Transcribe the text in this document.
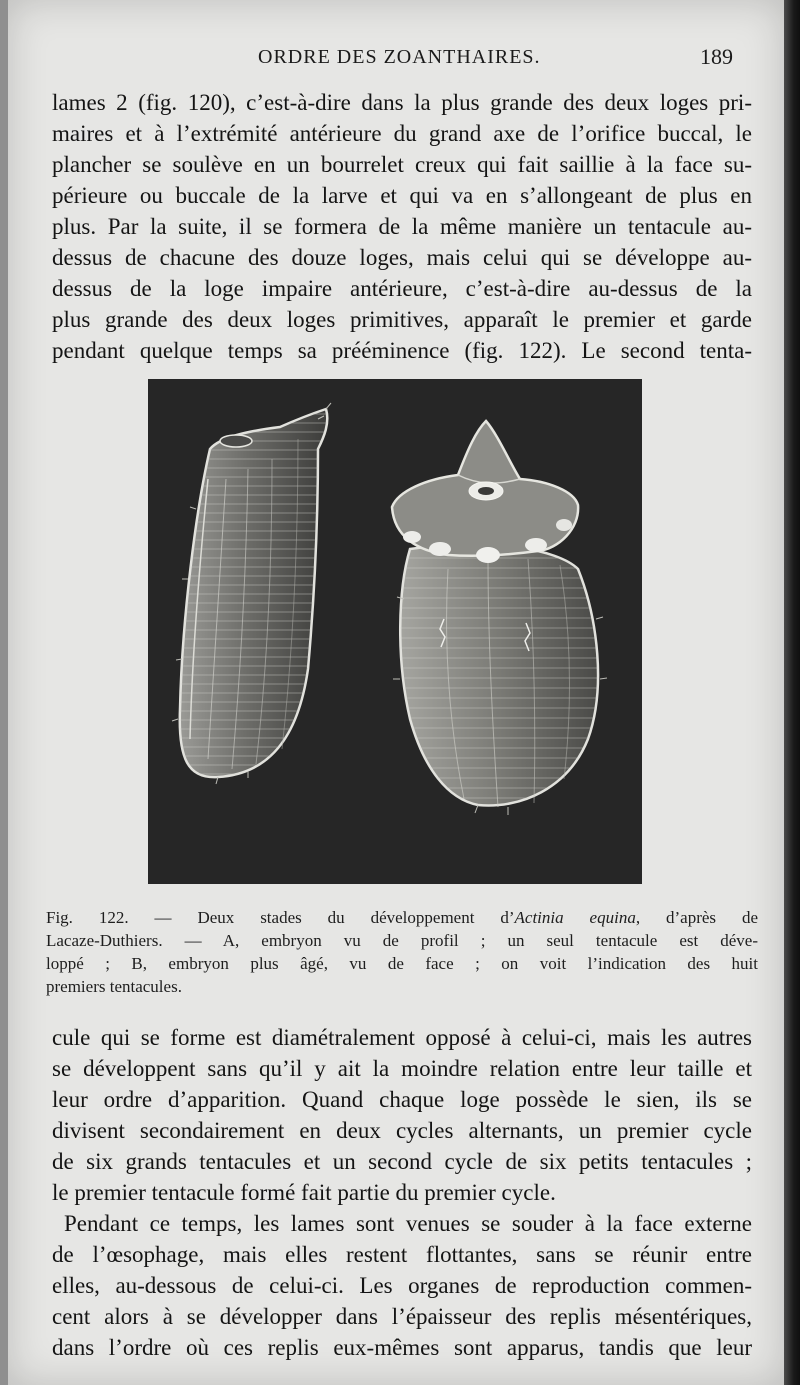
ORDRE DES ZOANTHAIRES.	189

lames 2 (fig. 120), c’est-à-dire dans la plus grande des deux loges pri-
maires et à l’extrémité antérieure du grand axe de l’orifice buccal, le
plancher se soulève en un bourrelet creux qui fait saillie à la face su-
périeure ou buccale de la larve et qui va en s’allongeant de plus en
plus. Par la suite, il se formera de la même manière un tentacule au-
dessus de chacune des douze loges, mais celui qui se développe au-
dessus de la loge impaire antérieure, c’est-à-dire au-dessus de la
plus grande des deux loges primitives, apparaît le premier et garde
pendant quelque temps sa prééminence (fig. 122). Le second tenta-

Fig. 122. — Deux stades du développement d’Actinia equina, d’après de
Lacaze-Duthiers. — A, embryon vu de profil ; un seul tentacule est déve-
loppé ; B, embryon plus âgé, vu de face ; on voit l’indication des huit
premiers tentacules.

cule qui se forme est diamétralement opposé à celui-ci, mais les autres
se développent sans qu’il y ait la moindre relation entre leur taille et
leur ordre d’apparition. Quand chaque loge possède le sien, ils se
divisent secondairement en deux cycles alternants, un premier cycle
de six grands tentacules et un second cycle de six petits tentacules ;
le premier tentacule formé fait partie du premier cycle.
Pendant ce temps, les lames sont venues se souder à la face externe
de l’œsophage, mais elles restent flottantes, sans se réunir entre
elles, au-dessous de celui-ci. Les organes de reproduction commen-
cent alors à se développer dans l’épaisseur des replis mésentériques,
dans l’ordre où ces replis eux-mêmes sont apparus, tandis que leur
